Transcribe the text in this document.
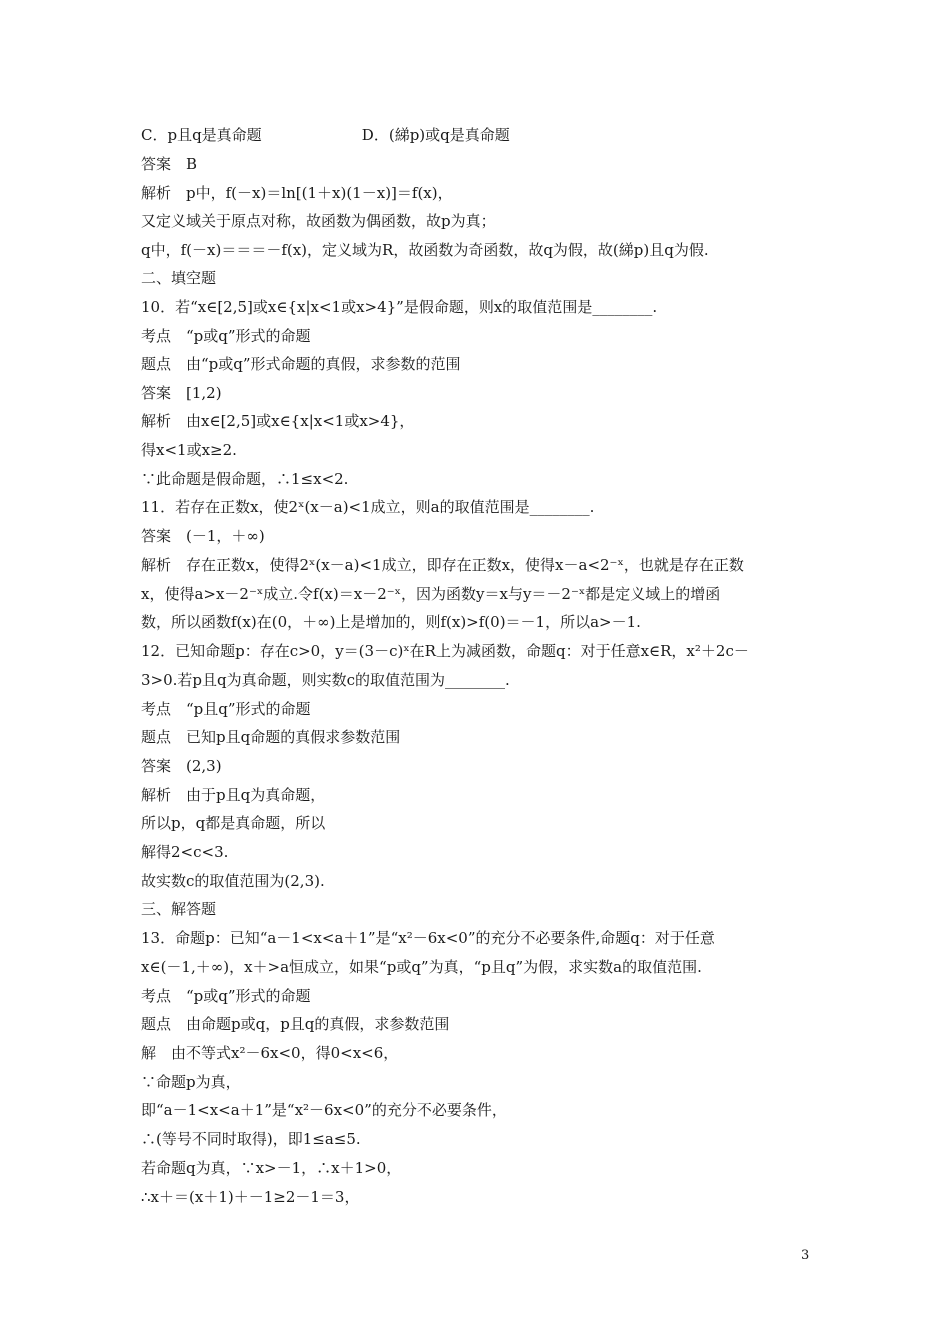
C．p且q是真命题                     D．(綈p)或q是真命题
答案　B
解析　p中，f(－x)＝ln[(1＋x)(1－x)]＝f(x)，
又定义域关于原点对称，故函数为偶函数，故p为真；
q中，f(－x)＝＝＝－f(x)，定义域为R，故函数为奇函数，故q为假，故(綈p)且q为假.
二、填空题
10．若“x∈[2,5]或x∈{x|x<1或x>4}”是假命题，则x的取值范围是________.
考点　“p或q”形式的命题
题点　由“p或q”形式命题的真假，求参数的范围
答案　[1,2)
解析　由x∈[2,5]或x∈{x|x<1或x>4}，
得x<1或x≥2.
∵此命题是假命题，∴1≤x<2.
11．若存在正数x，使2ˣ(x－a)<1成立，则a的取值范围是________.
答案　(－1，＋∞)
解析　存在正数x，使得2ˣ(x－a)<1成立，即存在正数x，使得x－a<2⁻ˣ，也就是存在正数
x，使得a>x－2⁻ˣ成立.令f(x)＝x－2⁻ˣ，因为函数y＝x与y＝－2⁻ˣ都是定义域上的增函
数，所以函数f(x)在(0，＋∞)上是增加的，则f(x)>f(0)＝－1，所以a>－1.
12．已知命题p：存在c>0，y＝(3－c)ˣ在R上为减函数，命题q：对于任意x∈R，x²＋2c－
3>0.若p且q为真命题，则实数c的取值范围为________.
考点　“p且q”形式的命题
题点　已知p且q命题的真假求参数范围
答案　(2,3)
解析　由于p且q为真命题，
所以p，q都是真命题，所以
解得2<c<3.
故实数c的取值范围为(2,3).
三、解答题
13．命题p：已知“a－1<x<a＋1”是“x²－6x<0”的充分不必要条件,命题q：对于任意
x∈(－1,＋∞)，x＋>a恒成立，如果“p或q”为真，“p且q”为假，求实数a的取值范围.
考点　“p或q”形式的命题
题点　由命题p或q，p且q的真假，求参数范围
解　由不等式x²－6x<0，得0<x<6，
∵命题p为真，
即“a－1<x<a＋1”是“x²－6x<0”的充分不必要条件，
∴(等号不同时取得)，即1≤a≤5.
若命题q为真，∵x>－1，∴x＋1>0，
∴x＋＝(x＋1)＋－1≥2－1＝3，
3
